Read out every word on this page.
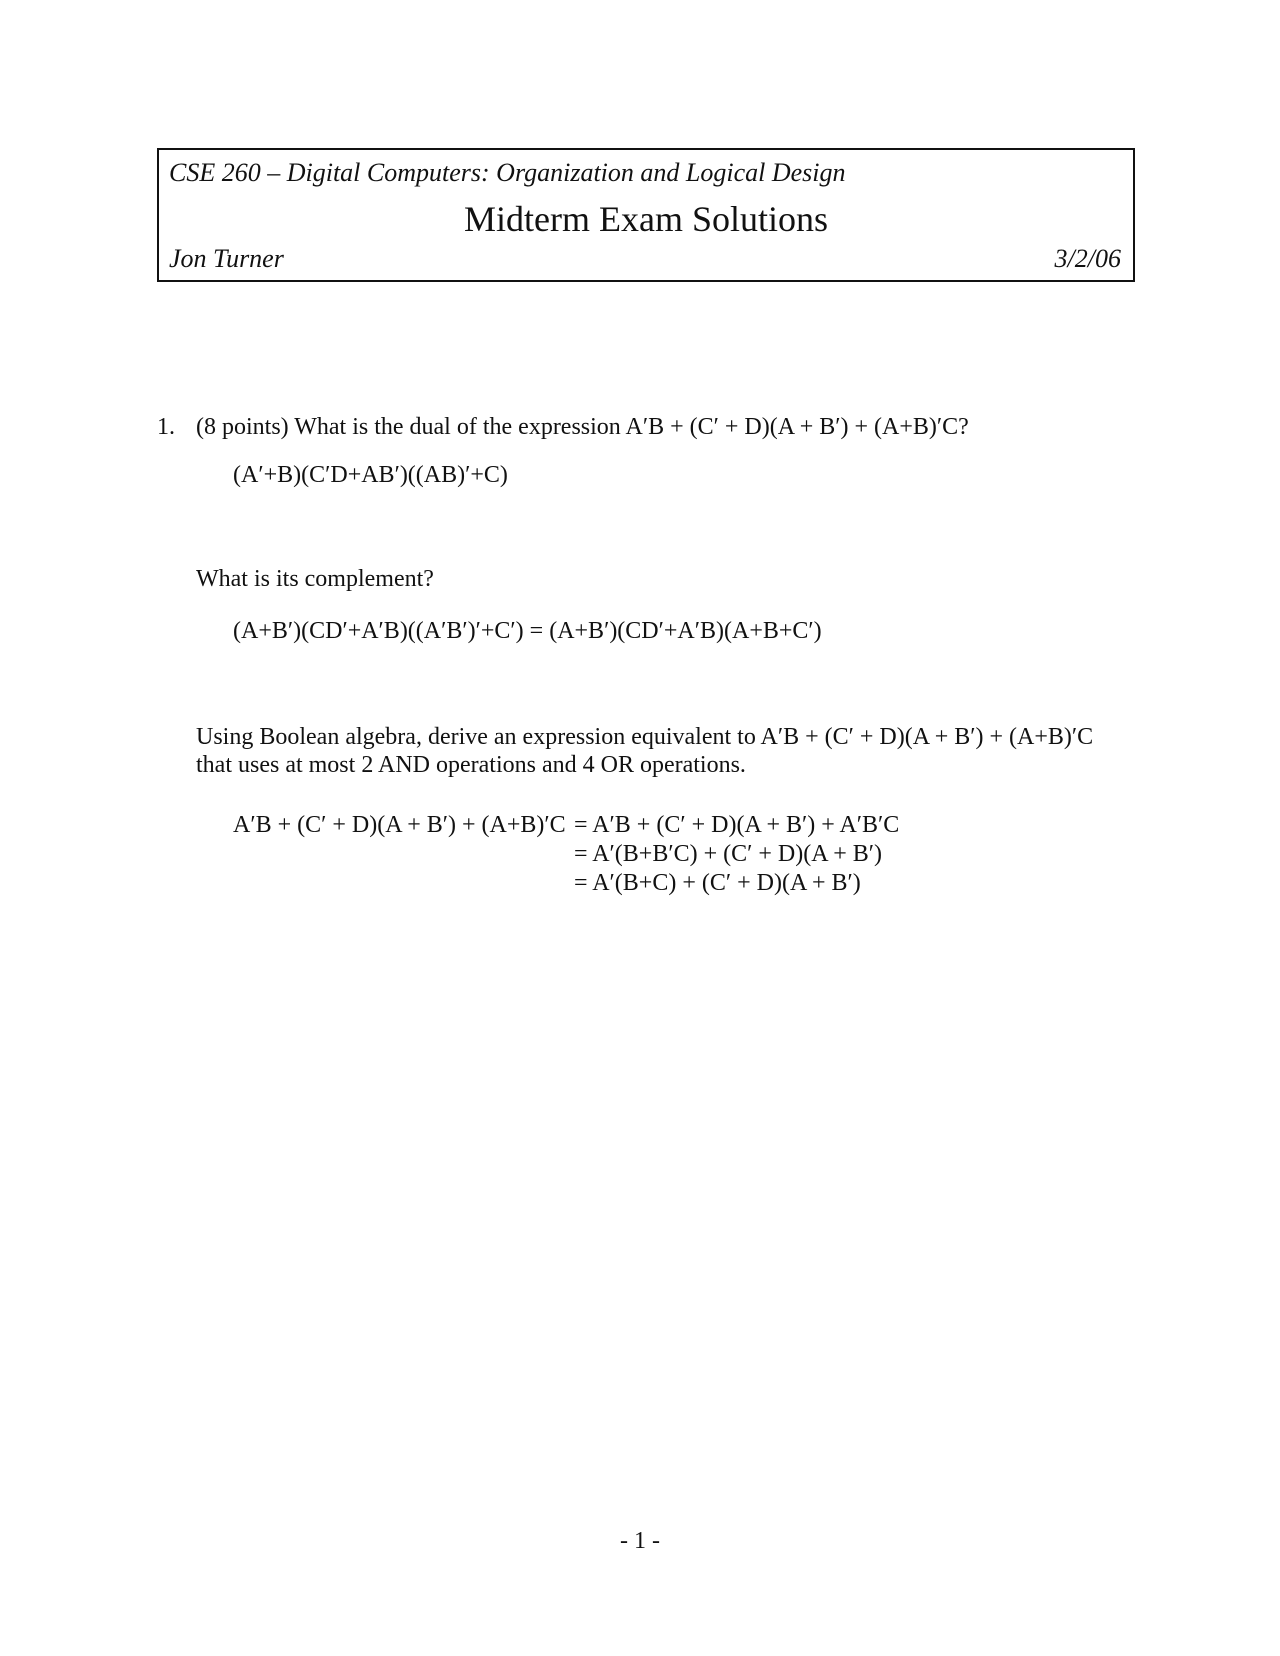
CSE 260 – Digital Computers: Organization and Logical Design
Midterm Exam Solutions
Jon Turner	3/2/06
1. (8 points) What is the dual of the expression A′B + (C′ + D)(A + B′) + (A+B)′C?
(A′+B)(C′D+AB′)((AB)′+C)
What is its complement?
(A+B′)(CD′+A′B)((A′B′)′+C′) = (A+B′)(CD′+A′B)(A+B+C′)
Using Boolean algebra, derive an expression equivalent to A′B + (C′ + D)(A + B′) + (A+B)′C
that uses at most 2 AND operations and 4 OR operations.
A′B + (C′ + D)(A + B′) + (A+B)′C = A′B + (C′ + D)(A + B′) + A′B′C
= A′(B+B′C) + (C′ + D)(A + B′)
= A′(B+C) + (C′ + D)(A + B′)
- 1 -
